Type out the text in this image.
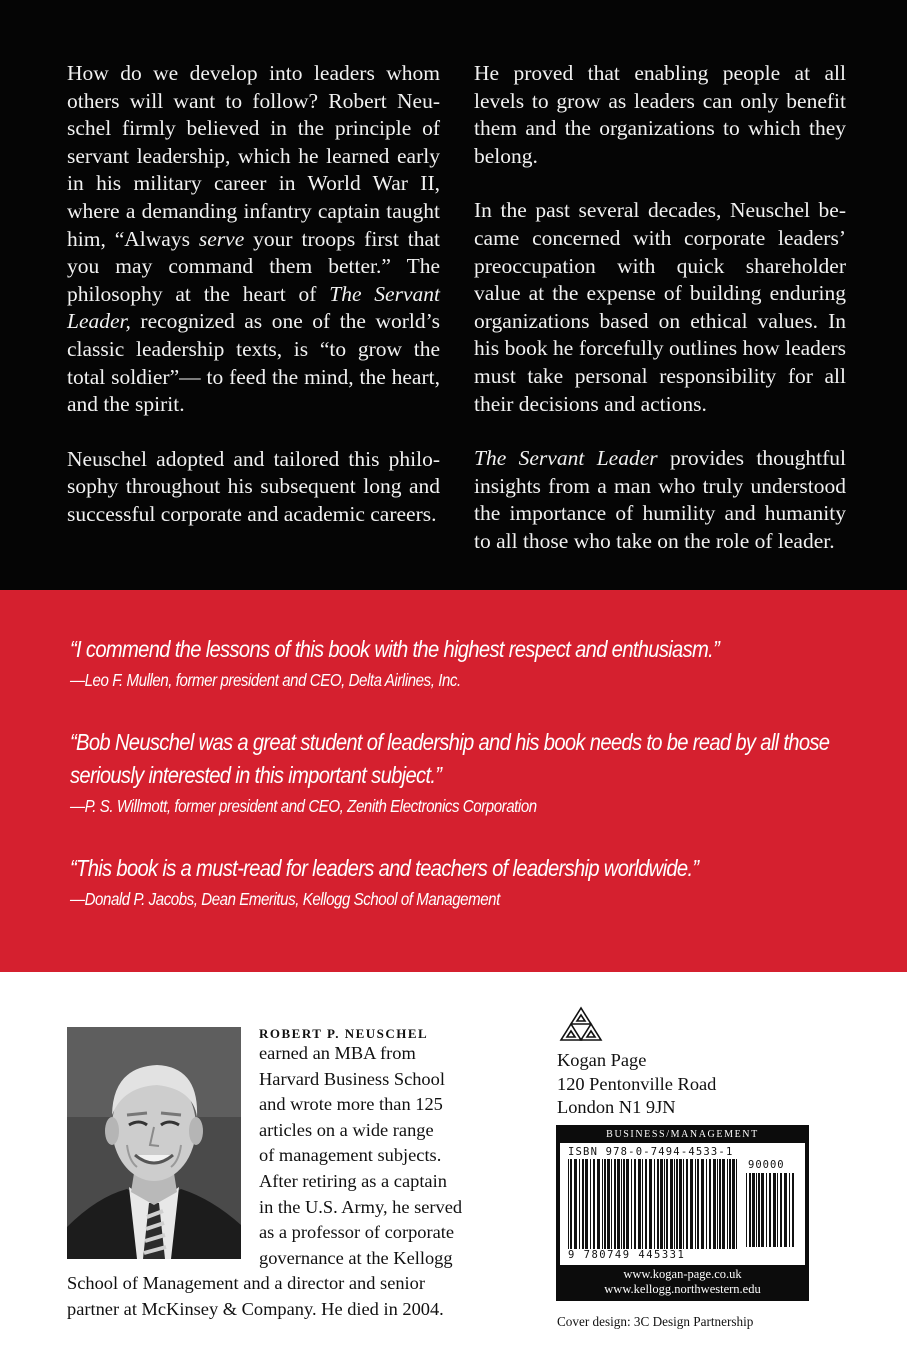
How do we develop into leaders whom others will want to follow? Robert Neuschel firmly believed in the principle of servant leadership, which he learned early in his military career in World War II, where a demanding infantry captain taught him, “Always serve your troops first that you may command them better.” The philosophy at the heart of The Servant Leader, recognized as one of the world’s classic leadership texts, is “to grow the total soldier”— to feed the mind, the heart, and the spirit.

Neuschel adopted and tailored this philosophy throughout his subsequent long and successful corporate and academic careers.

He proved that enabling people at all levels to grow as leaders can only benefit them and the organizations to which they belong.

In the past several decades, Neuschel became concerned with corporate leaders’ preoccupation with quick shareholder value at the expense of building enduring organizations based on ethical values. In his book he forcefully outlines how leaders must take personal responsibility for all their decisions and actions.

The Servant Leader provides thoughtful insights from a man who truly understood the importance of humility and humanity to all those who take on the role of leader.

“I commend the lessons of this book with the highest respect and enthusiasm.”
—Leo F. Mullen, former president and CEO, Delta Airlines, Inc.
“Bob Neuschel was a great student of leadership and his book needs to be read by all those
seriously interested in this important subject.”
—P. S. Willmott, former president and CEO, Zenith Electronics Corporation
“This book is a must-read for leaders and teachers of leadership worldwide.”
—Donald P. Jacobs, Dean Emeritus, Kellogg School of Management
ROBERT P. NEUSCHEL
earned an MBA from
Harvard Business School
and wrote more than 125
articles on a wide range
of management subjects.
After retiring as a captain
in the U.S. Army, he served
as a professor of corporate
governance at the Kellogg
School of Management and a director and senior
partner at McKinsey & Company. He died in 2004.
Kogan Page
120 Pentonville Road
London N1 9JN
BUSINESS/MANAGEMENT
ISBN 978-0-7494-4533-1
90000
9 780749 445331
www.kogan-page.co.uk
www.kellogg.northwestern.edu
Cover design: 3C Design Partnership
